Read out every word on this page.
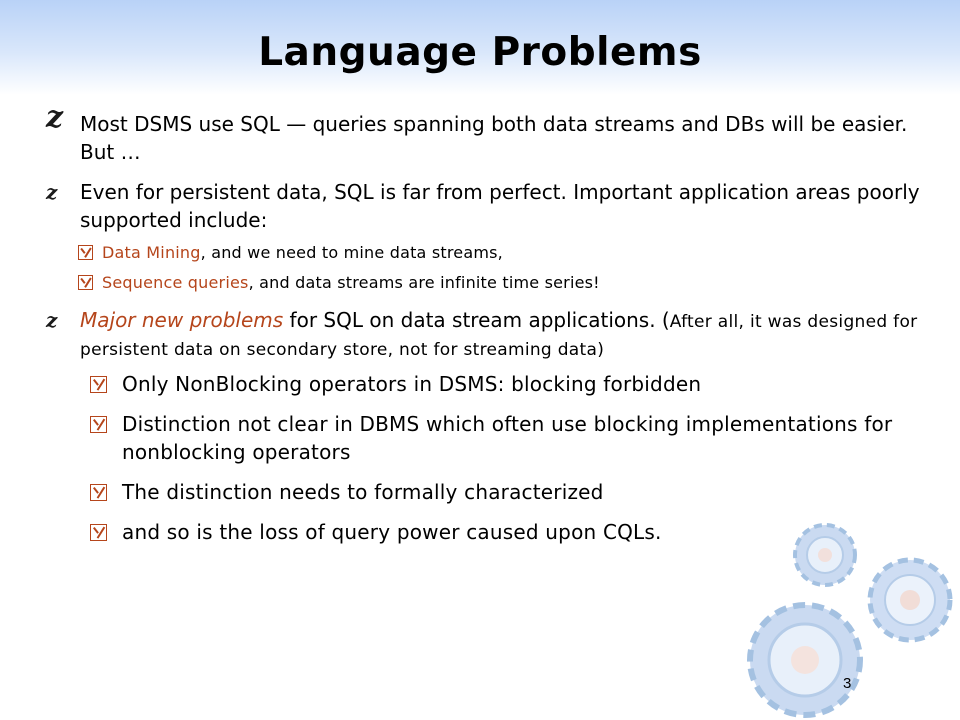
Language Problems
z Most DSMS use SQL — queries spanning both data streams and DBs will be easier. But …
z Even for persistent data, SQL is far from perfect. Important application areas poorly supported include:
Data Mining, and we need to mine data streams,
Sequence queries, and data streams are infinite time series!
z Major new problems for SQL on data stream applications. (After all, it was designed for persistent data on secondary store, not for streaming data)
Only NonBlocking operators in DSMS: blocking forbidden
Distinction not clear in DBMS which often use blocking implementations for nonblocking operators
The distinction needs to formally characterized
and so is the loss of query power caused upon CQLs.
3
